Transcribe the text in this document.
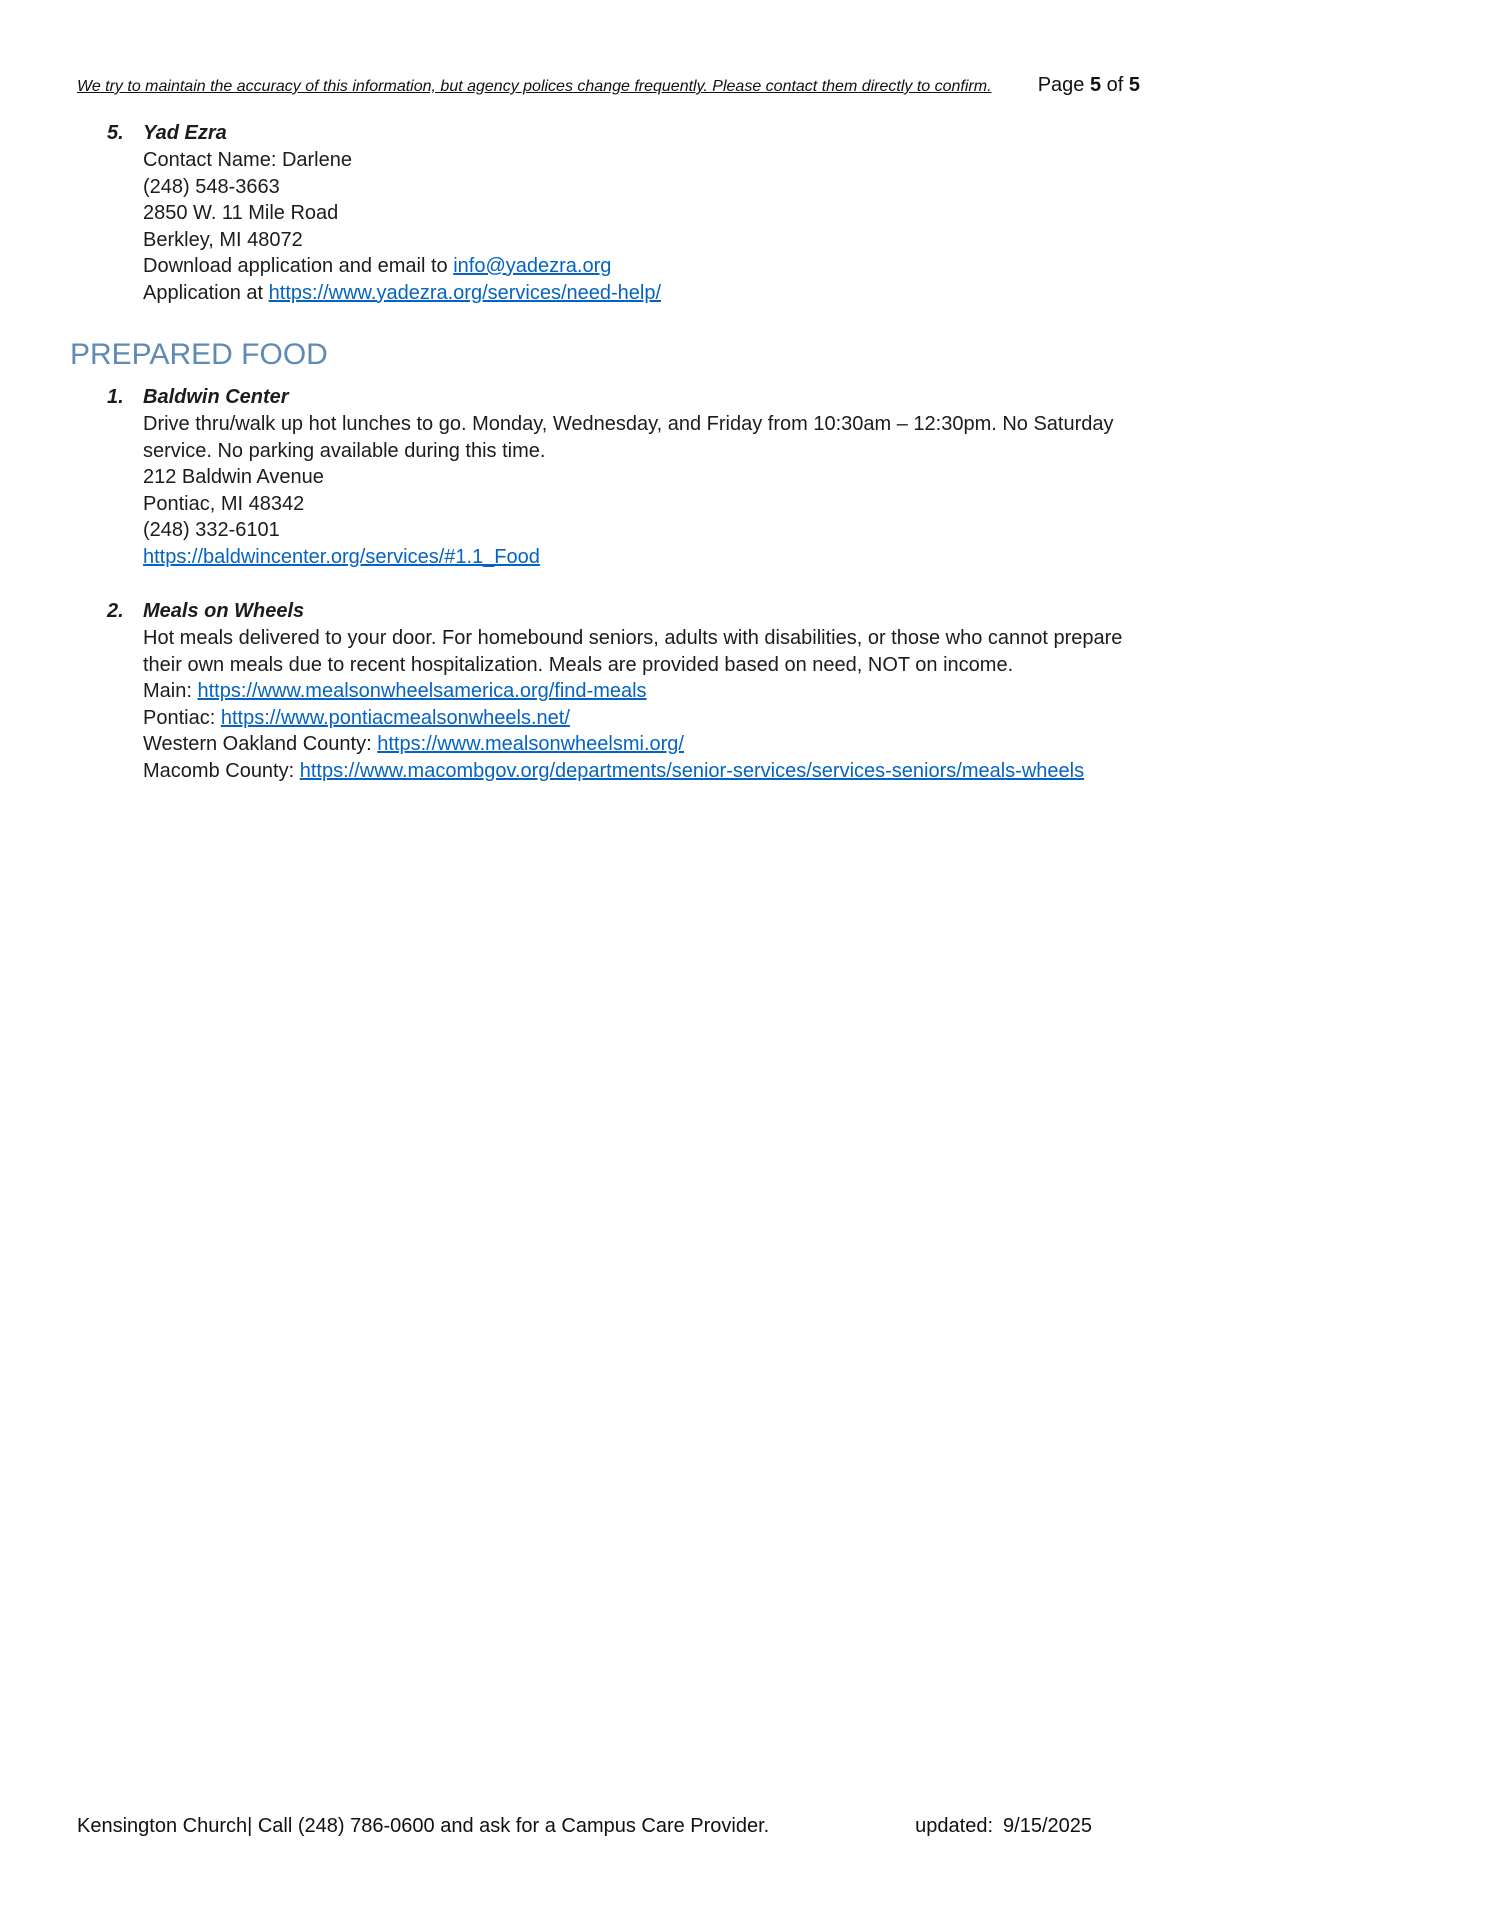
We try to maintain the accuracy of this information, but agency polices change frequently. Please contact them directly to confirm. Page 5 of 5
5. Yad Ezra
Contact Name: Darlene
(248) 548-3663
2850 W. 11 Mile Road
Berkley, MI 48072
Download application and email to info@yadezra.org
Application at https://www.yadezra.org/services/need-help/
PREPARED FOOD
1. Baldwin Center
Drive thru/walk up hot lunches to go. Monday, Wednesday, and Friday from 10:30am – 12:30pm. No Saturday service. No parking available during this time.
212 Baldwin Avenue
Pontiac, MI 48342
(248) 332-6101
https://baldwincenter.org/services/#1.1_Food
2. Meals on Wheels
Hot meals delivered to your door. For homebound seniors, adults with disabilities, or those who cannot prepare their own meals due to recent hospitalization. Meals are provided based on need, NOT on income.
Main: https://www.mealsonwheelsamerica.org/find-meals
Pontiac: https://www.pontiacmealsonwheels.net/
Western Oakland County: https://www.mealsonwheelsmi.org/
Macomb County: https://www.macombgov.org/departments/senior-services/services-seniors/meals-wheels
Kensington Church| Call (248) 786-0600 and ask for a Campus Care Provider.	updated: 9/15/2025
